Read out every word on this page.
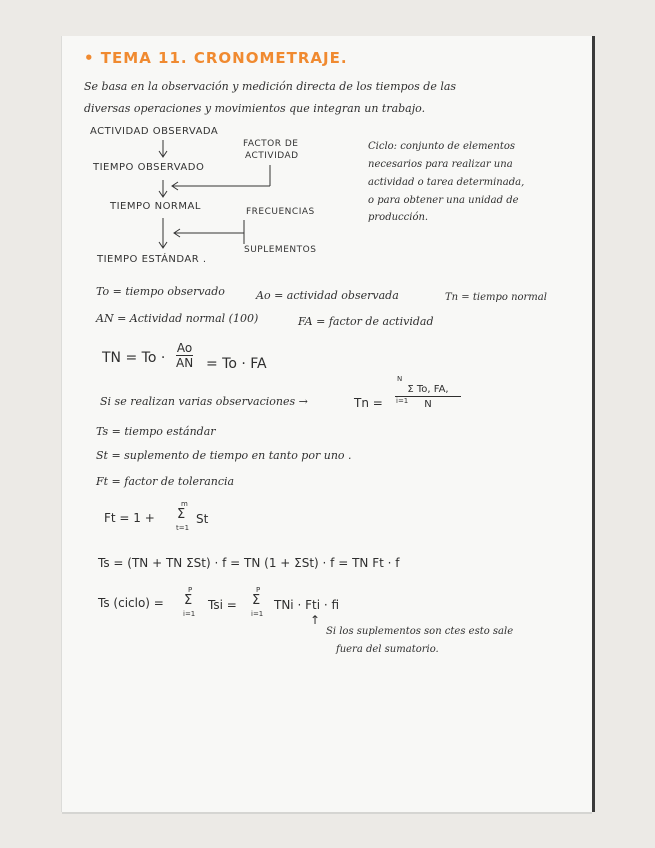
• TEMA 11. CRONOMETRAJE.
Se basa en la observación y medición directa de los tiempos de las
diversas operaciones y movimientos que integran un trabajo.
ACTIVIDAD OBSERVADA
FACTOR DE
ACTIVIDAD
TIEMPO OBSERVADO
TIEMPO NORMAL	FRECUENCIAS
SUPLEMENTOS
TIEMPO ESTÁNDAR .
Ciclo: conjunto de elementos
necesarios para realizar una
actividad o tarea determinada,
o para obtener una unidad de
producción.
To = tiempo observado	Ao = actividad observada	Tn = tiempo normal
AN = Actividad normal (100)	FA = factor de actividad
TN = To ·
Ao
AN = To · FA
Si se realizan varias observaciones →	Tn =
N
Σ To, FA,
N
i=1
Ts = tiempo estándar
St = suplemento de tiempo en tanto por uno .
Ft = factor de tolerancia
Ft = 1 +
m
Σ
t=1
St
Ts = (TN + TN ΣSt) · f = TN (1 + ΣSt) · f = TN Ft · f
Ts (ciclo) =
P
Σ
i=1
Tsi =
P
Σ
i=1
TNi · Fti · fi
↑
Si los suplementos son ctes esto sale
fuera del sumatorio.
